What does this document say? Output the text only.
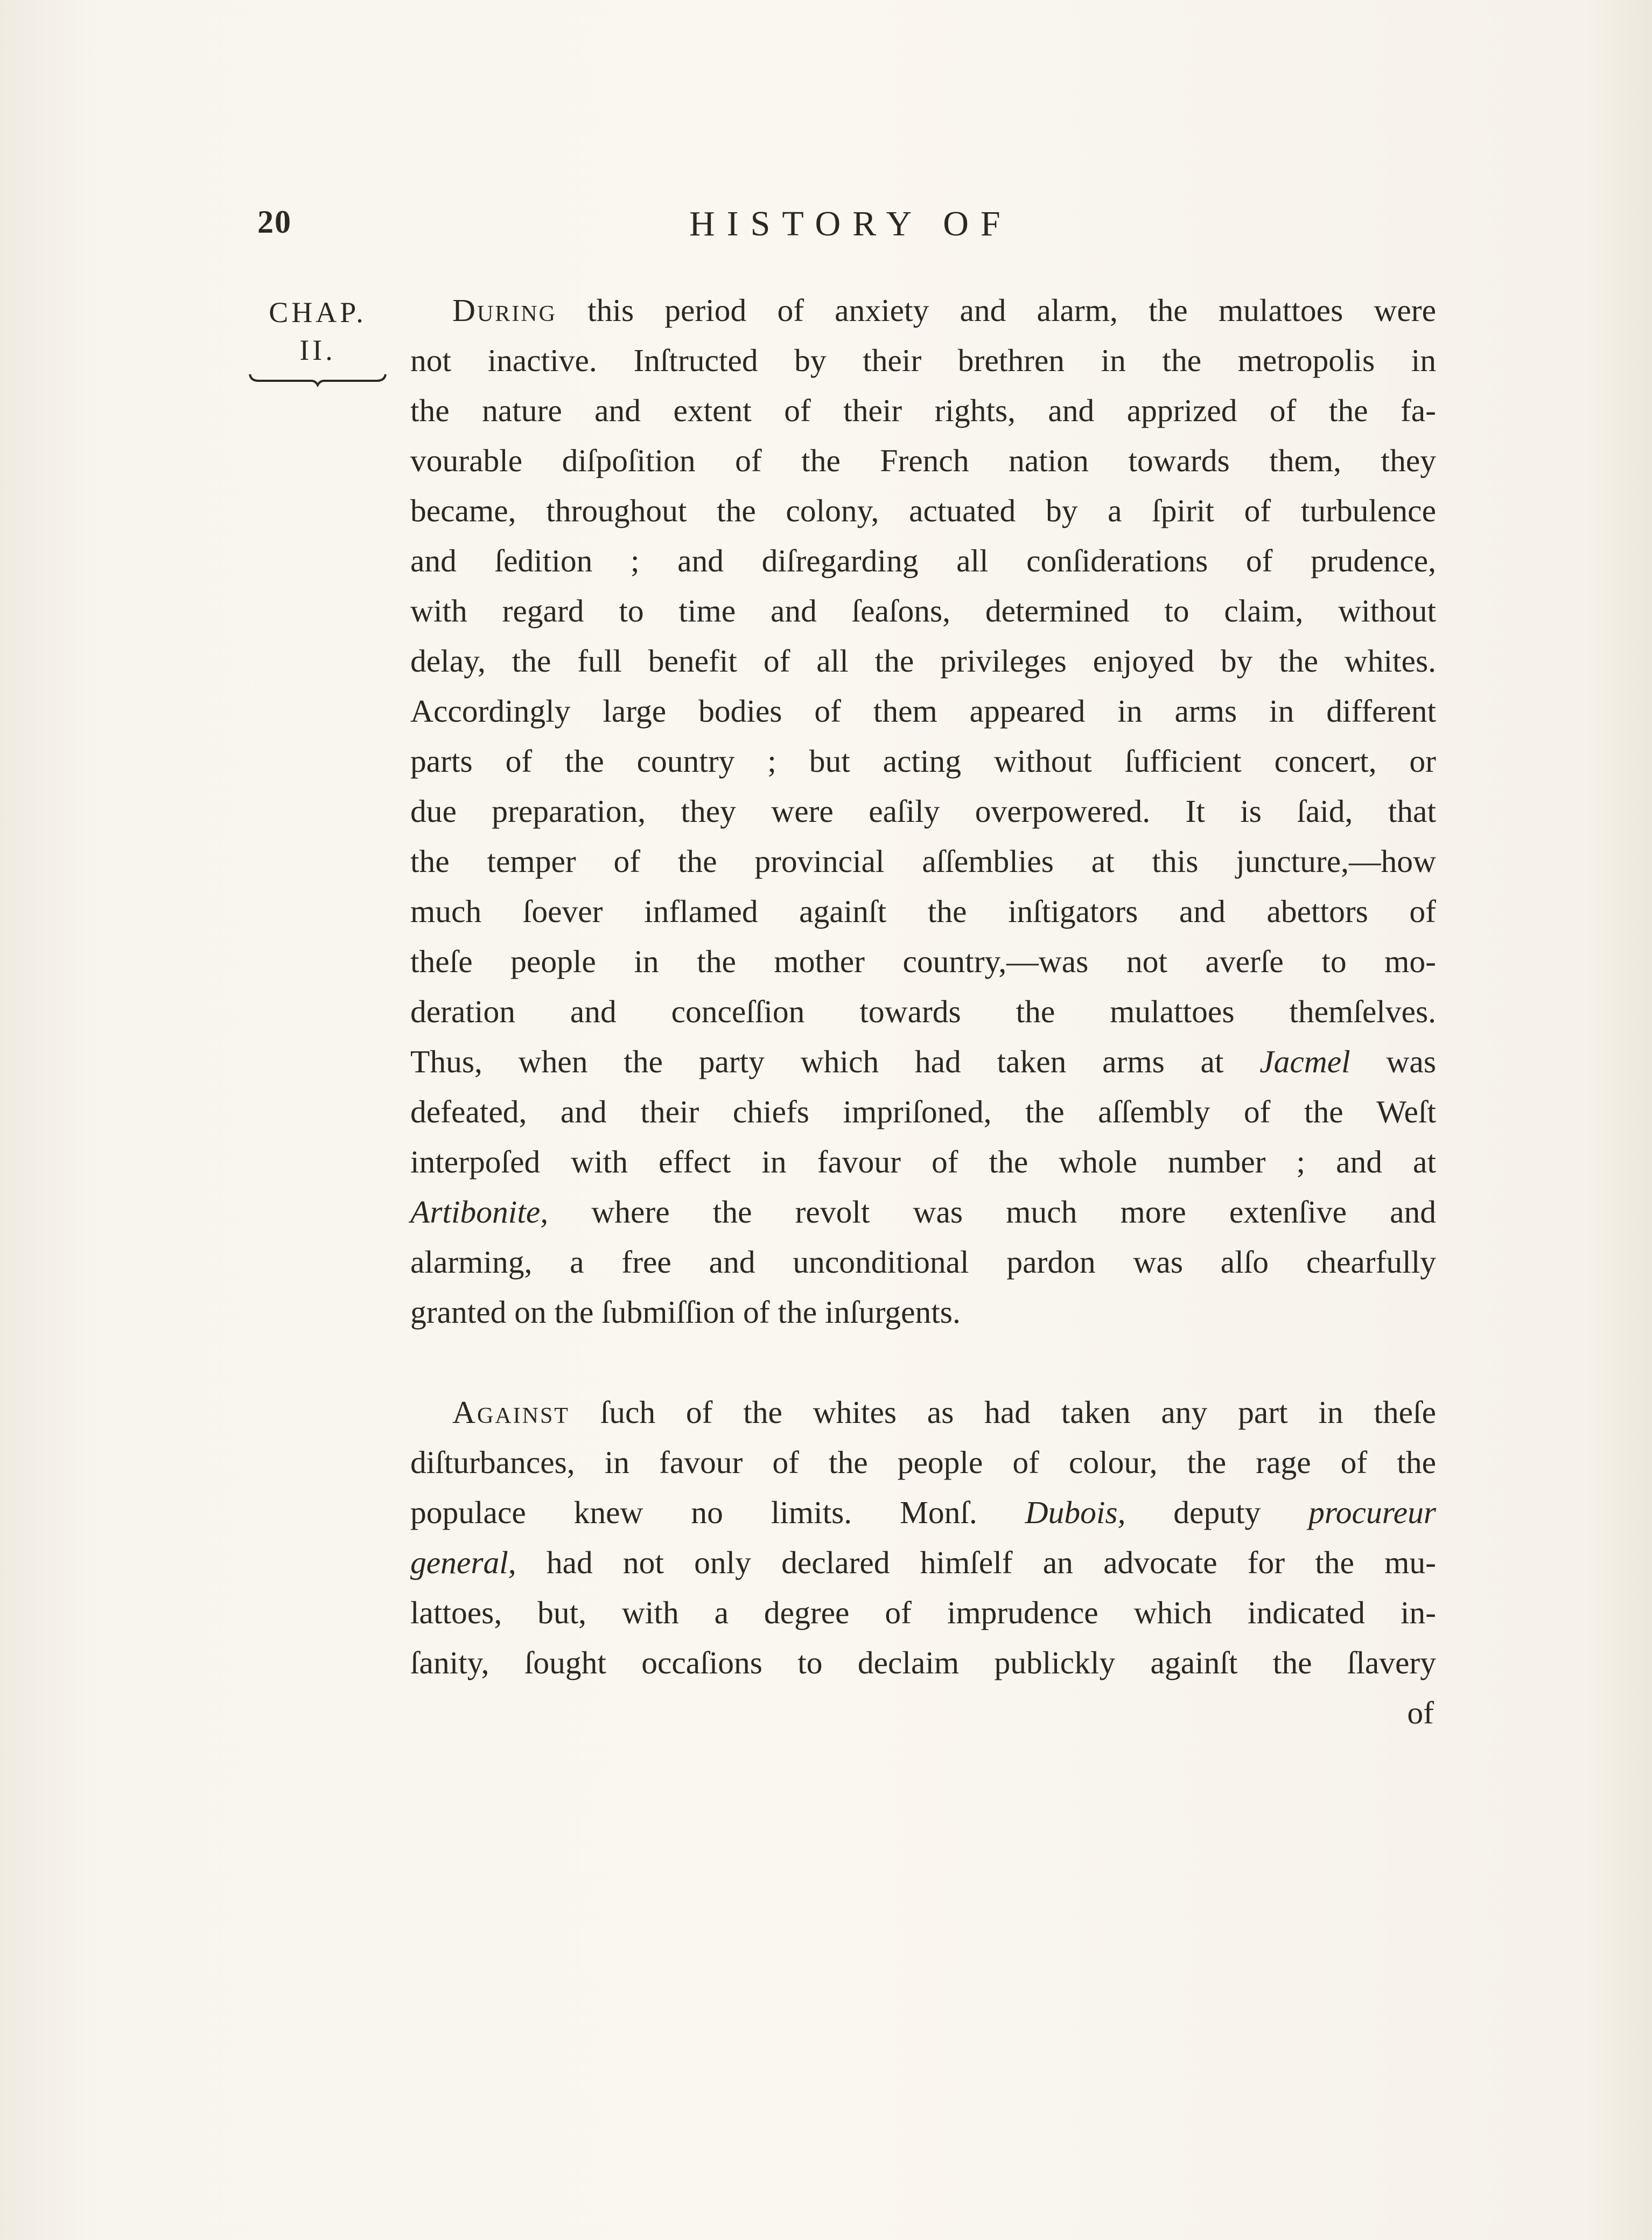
20	HISTORY OF
CHAP.
II.
During this period of anxiety and alarm, the mulattoes were
not inactive. Inſtructed by their brethren in the metropolis in
the nature and extent of their rights, and apprized of the fa-
vourable diſpoſition of the French nation towards them, they
became, throughout the colony, actuated by a ſpirit of turbulence
and ſedition ; and diſregarding all conſiderations of prudence,
with regard to time and ſeaſons, determined to claim, without
delay, the full benefit of all the privileges enjoyed by the whites.
Accordingly large bodies of them appeared in arms in different
parts of the country ; but acting without ſufficient concert, or
due preparation, they were eaſily overpowered. It is ſaid, that
the temper of the provincial aſſemblies at this juncture,—how
much ſoever inflamed againſt the inſtigators and abettors of
theſe people in the mother country,—was not averſe to mo-
deration and conceſſion towards the mulattoes themſelves.
Thus, when the party which had taken arms at Jacmel was
defeated, and their chiefs impriſoned, the aſſembly of the Weſt
interpoſed with effect in favour of the whole number ; and at
Artibonite, where the revolt was much more extenſive and
alarming, a free and unconditional pardon was alſo chearfully
granted on the ſubmiſſion of the inſurgents.
Against ſuch of the whites as had taken any part in theſe
diſturbances, in favour of the people of colour, the rage of the
populace knew no limits. Monſ. Dubois, deputy procureur
general, had not only declared himſelf an advocate for the mu-
lattoes, but, with a degree of imprudence which indicated in-
ſanity, ſought occaſions to declaim publickly againſt the ſlavery
of
